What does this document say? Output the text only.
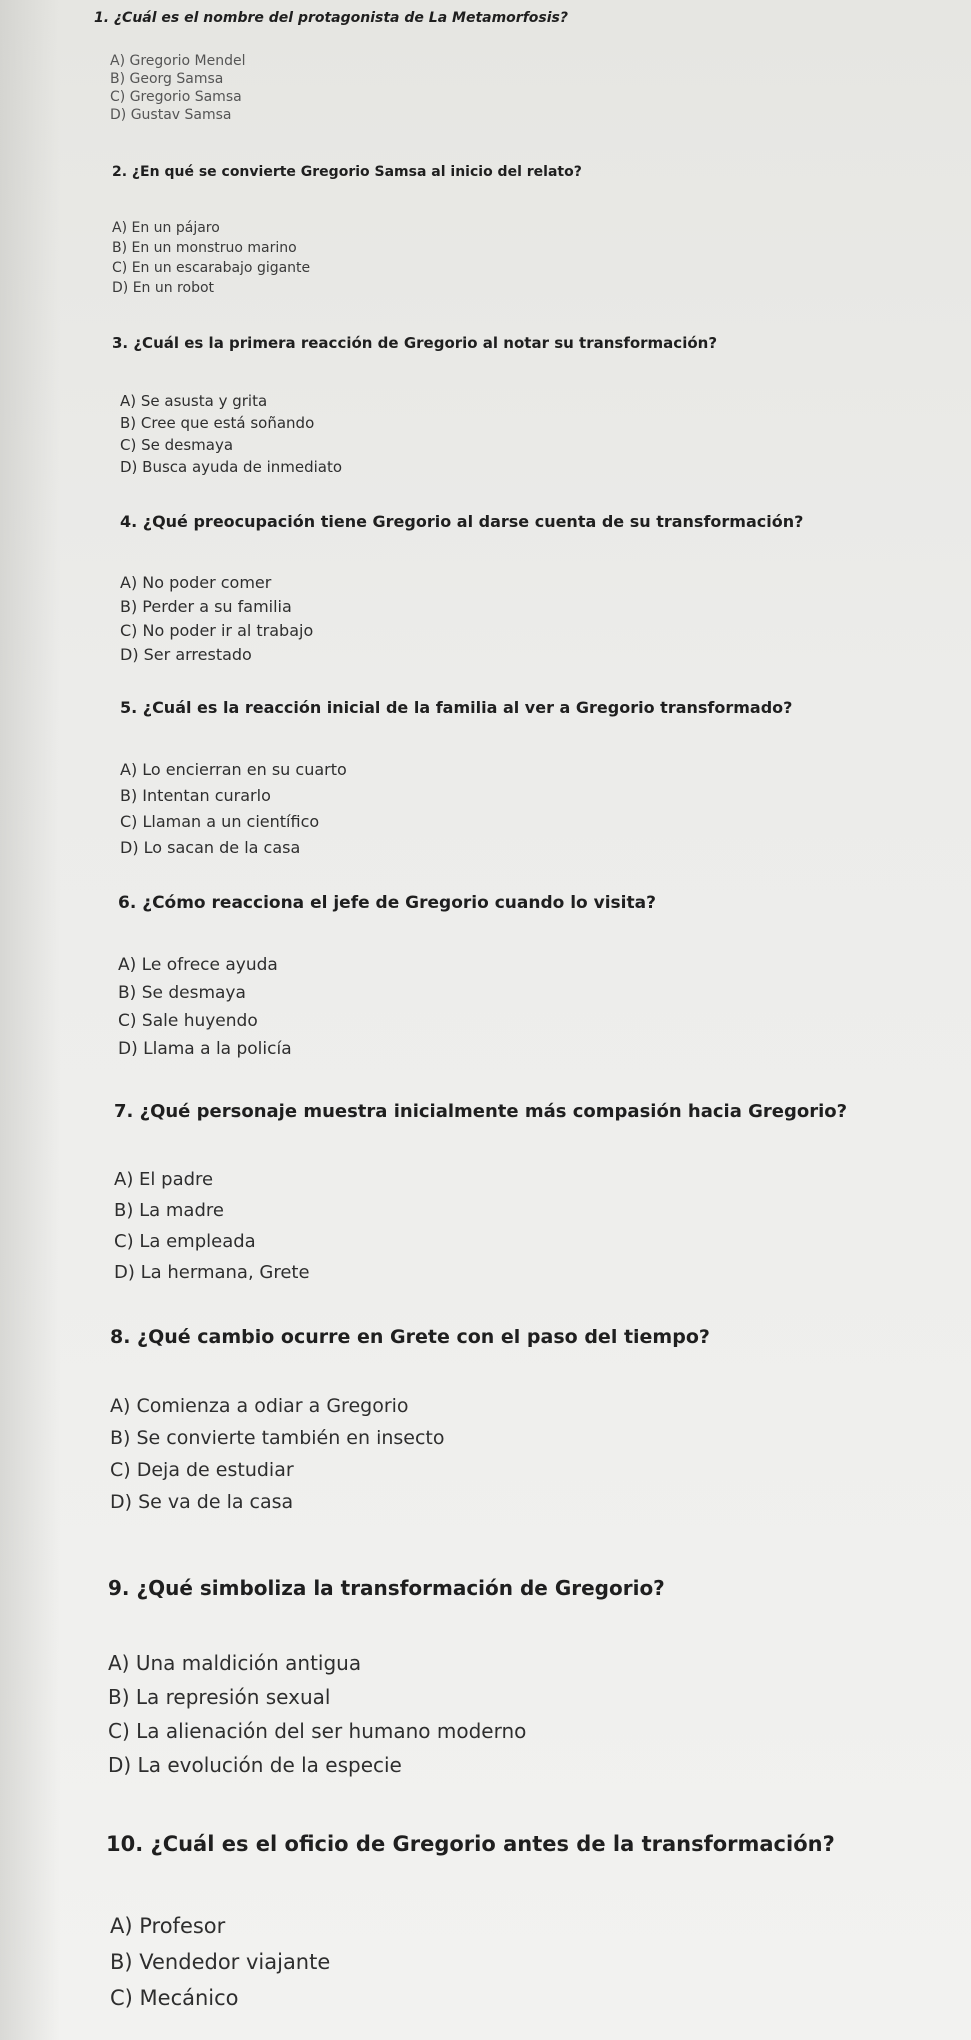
1. ¿Cuál es el nombre del protagonista de La Metamorfosis?

A) Gregorio Mendel

B) Georg Samsa

C) Gregorio Samsa

D) Gustav Samsa

2. ¿En qué se convierte Gregorio Samsa al inicio del relato?

A) En un pájaro

B) En un monstruo marino

C) En un escarabajo gigante

D) En un robot

3. ¿Cuál es la primera reacción de Gregorio al notar su transformación?

A) Se asusta y grita

B) Cree que está soñando

C) Se desmaya

D) Busca ayuda de inmediato

4. ¿Qué preocupación tiene Gregorio al darse cuenta de su transformación?

A) No poder comer

B) Perder a su familia

C) No poder ir al trabajo

D) Ser arrestado

5. ¿Cuál es la reacción inicial de la familia al ver a Gregorio transformado?

A) Lo encierran en su cuarto

B) Intentan curarlo

C) Llaman a un científico

D) Lo sacan de la casa

6. ¿Cómo reacciona el jefe de Gregorio cuando lo visita?

A) Le ofrece ayuda

B) Se desmaya

C) Sale huyendo

D) Llama a la policía

7. ¿Qué personaje muestra inicialmente más compasión hacia Gregorio?

A) El padre

B) La madre

C) La empleada

D) La hermana, Grete

8. ¿Qué cambio ocurre en Grete con el paso del tiempo?

A) Comienza a odiar a Gregorio

B) Se convierte también en insecto

C) Deja de estudiar

D) Se va de la casa

9. ¿Qué simboliza la transformación de Gregorio?

A) Una maldición antigua

B) La represión sexual

C) La alienación del ser humano moderno

D) La evolución de la especie

10. ¿Cuál es el oficio de Gregorio antes de la transformación?

A) Profesor

B) Vendedor viajante

C) Mecánico
